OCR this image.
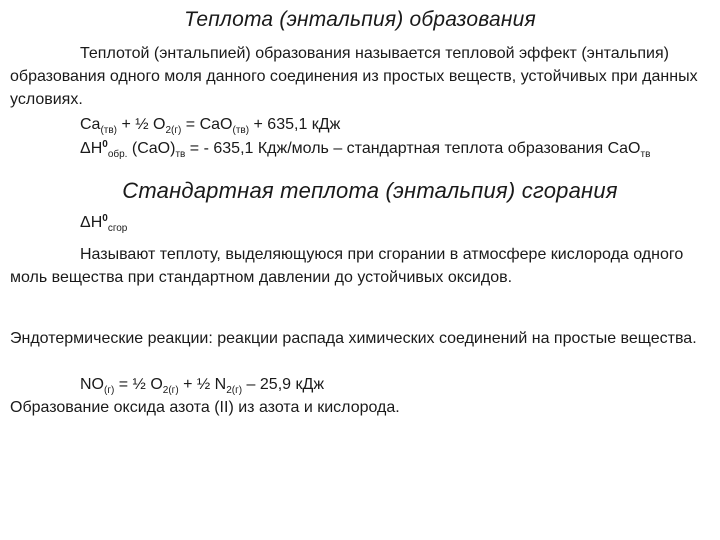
Теплота (энтальпия) образования

Теплотой (энтальпией) образования называется тепловой эффект (энтальпия) образования одного моля данного соединения из простых веществ, устойчивых при данных условиях.

$Ca_{(тв)}$ + ½ $O_{2(г)} = CaO_{(тв)} + 635,1$ кДж
$\Delta H^0_{обр.}$ $(CaO)_{тв}$ = - 635,1 Кдж/моль – стандартная теплота образования CaO$_{тв}$
Стандартная теплота (энтальпия) сгорания
$\Delta H^0_{сгор}$

Называют теплоту, выделяющуюся при сгорании в атмосфере кислорода одного моль вещества при стандартном давлении до устойчивых оксидов.

Эндотермические реакции: реакции распада химических соединений на простые вещества.

$NO_{(г)}$ = ½ $O_{2(г)}$ + ½ $N_{2(г)} - 25,9$ кДж

Образование оксида азота (II) из азота и кислорода.
